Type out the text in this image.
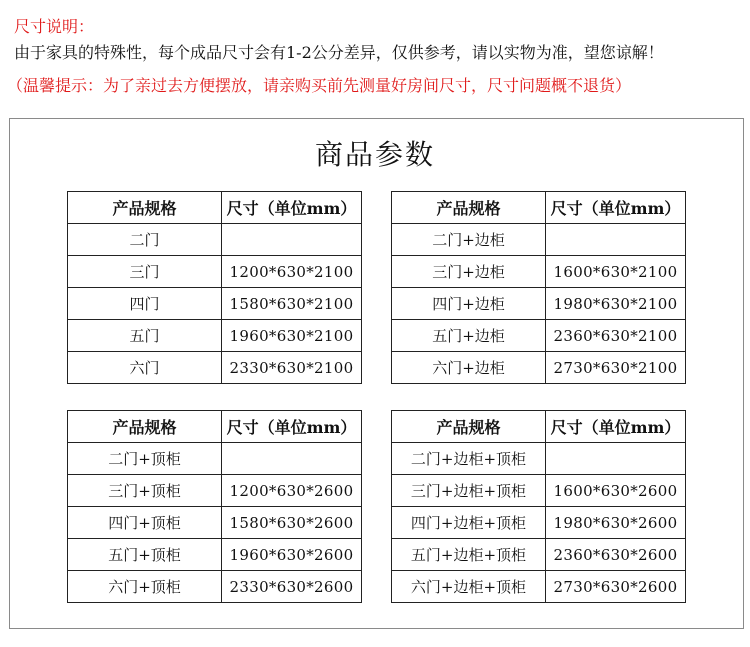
尺寸说明：
由于家具的特殊性，每个成品尺寸会有1-2公分差异，仅供参考，请以实物为准，望您谅解！
（温馨提示：为了亲过去方便摆放，请亲购买前先测量好房间尺寸，尺寸问题概不退货）
商品参数
产品规格	尺寸（单位mm）
二门	
三门	1200*630*2100
四门	1580*630*2100
五门	1960*630*2100
六门	2330*630*2100
产品规格	尺寸（单位mm）
二门+边柜	
三门+边柜	1600*630*2100
四门+边柜	1980*630*2100
五门+边柜	2360*630*2100
六门+边柜	2730*630*2100
产品规格	尺寸（单位mm）
二门+顶柜	
三门+顶柜	1200*630*2600
四门+顶柜	1580*630*2600
五门+顶柜	1960*630*2600
六门+顶柜	2330*630*2600
产品规格	尺寸（单位mm）
二门+边柜+顶柜	
三门+边柜+顶柜	1600*630*2600
四门+边柜+顶柜	1980*630*2600
五门+边柜+顶柜	2360*630*2600
六门+边柜+顶柜	2730*630*2600
